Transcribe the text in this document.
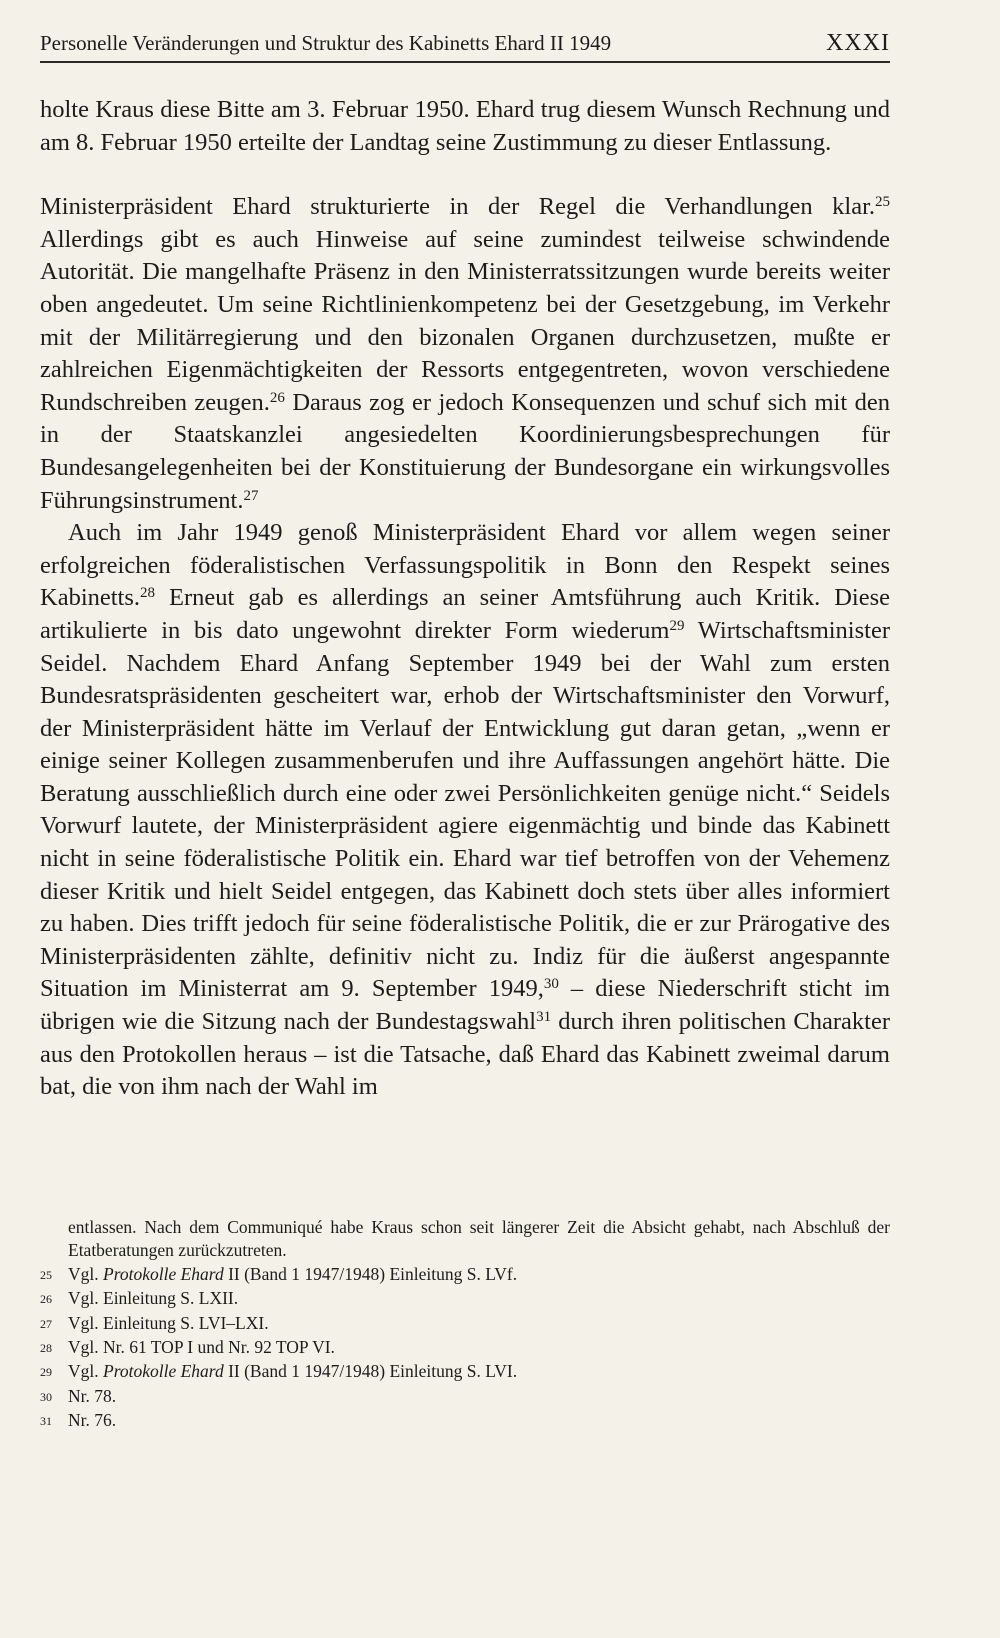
Personelle Veränderungen und Struktur des Kabinetts Ehard II 1949	XXXI

holte Kraus diese Bitte am 3. Februar 1950. Ehard trug diesem Wunsch Rechnung und am 8. Februar 1950 erteilte der Landtag seine Zustimmung zu dieser Entlassung.

Ministerpräsident Ehard strukturierte in der Regel die Verhandlungen klar.$^{25}$ Allerdings gibt es auch Hinweise auf seine zumindest teilweise schwindende Autorität. Die mangelhafte Präsenz in den Ministerratssitzungen wurde bereits weiter oben angedeutet. Um seine Richtlinienkompetenz bei der Gesetzgebung, im Verkehr mit der Militärregierung und den bizonalen Organen durchzusetzen, mußte er zahlreichen Eigenmächtigkeiten der Ressorts entgegentreten, wovon verschiedene Rundschreiben zeugen.$^{26}$ Daraus zog er jedoch Konsequenzen und schuf sich mit den in der Staatskanzlei angesiedelten Koordinierungsbesprechungen für Bundesangelegenheiten bei der Konstituierung der Bundesorgane ein wirkungsvolles Führungsinstrument.$^{27}$

Auch im Jahr 1949 genoß Ministerpräsident Ehard vor allem wegen seiner erfolgreichen föderalistischen Verfassungspolitik in Bonn den Respekt seines Kabinetts.$^{28}$ Erneut gab es allerdings an seiner Amtsführung auch Kritik. Diese artikulierte in bis dato ungewohnt direkter Form wiederum$^{29}$ Wirtschaftsminister Seidel. Nachdem Ehard Anfang September 1949 bei der Wahl zum ersten Bundesratspräsidenten gescheitert war, erhob der Wirtschaftsminister den Vorwurf, der Ministerpräsident hätte im Verlauf der Entwicklung gut daran getan, „wenn er einige seiner Kollegen zusammenberufen und ihre Auffassungen angehört hätte. Die Beratung ausschließlich durch eine oder zwei Persönlichkeiten genüge nicht.“ Seidels Vorwurf lautete, der Ministerpräsident agiere eigenmächtig und binde das Kabinett nicht in seine föderalistische Politik ein. Ehard war tief betroffen von der Vehemenz dieser Kritik und hielt Seidel entgegen, das Kabinett doch stets über alles informiert zu haben. Dies trifft jedoch für seine föderalistische Politik, die er zur Prärogative des Ministerpräsidenten zählte, definitiv nicht zu. Indiz für die äußerst angespannte Situation im Ministerrat am 9. September 1949,30 – diese Niederschrift sticht im übrigen wie die Sitzung nach der Bundestagswahl$^{31}$ durch ihren politischen Charakter aus den Protokollen heraus – ist die Tatsache, daß Ehard das Kabinett zweimal darum bat, die von ihm nach der Wahl im

entlassen. Nach dem Communiqué habe Kraus schon seit längerer Zeit die Absicht gehabt, nach Abschluß der Etatberatungen zurückzutreten.

25 Vgl. Protokolle Ehard II (Band 1 1947/1948) Einleitung S. LVf.
26 Vgl. Einleitung S. LXII.
27 Vgl. Einleitung S. LVI–LXI.
28 Vgl. Nr. 61 TOP I und Nr. 92 TOP VI.
29 Vgl. Protokolle Ehard II (Band 1 1947/1948) Einleitung S. LVI.
30 Nr. 78.
31 Nr. 76.
